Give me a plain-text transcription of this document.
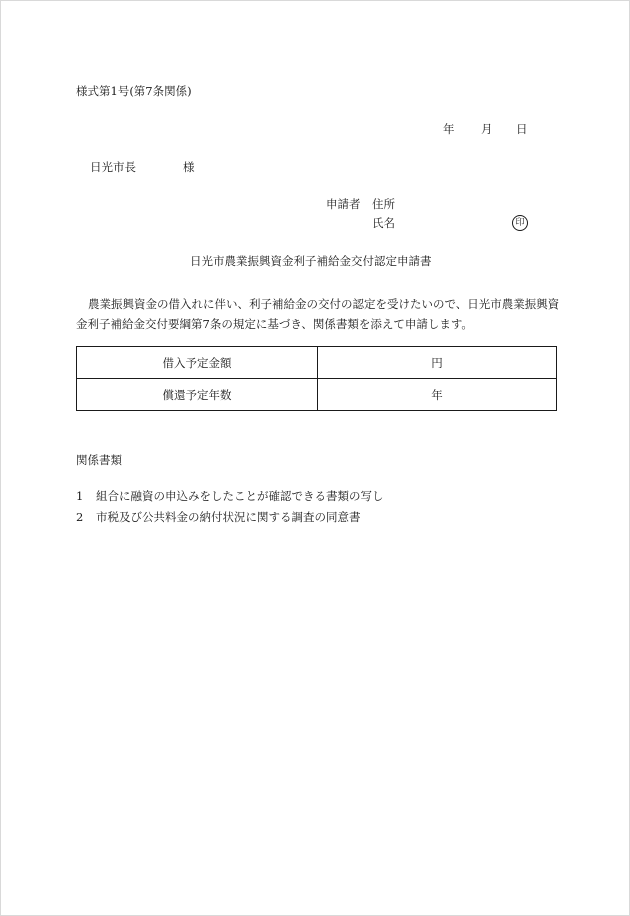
様式第1号(第7条関係)
年 月 日
日光市長	様
申請者 住所
氏名	印
日光市農業振興資金利子補給金交付認定申請書
農業振興資金の借入れに伴い、利子補給金の交付の認定を受けたいので、日光市農業振興資金利子補給金交付要綱第7条の規定に基づき、関係書類を添えて申請します。
借入予定金額	円
償還予定年数	年
関係書類
1 組合に融資の申込みをしたことが確認できる書類の写し
2 市税及び公共料金の納付状況に関する調査の同意書
